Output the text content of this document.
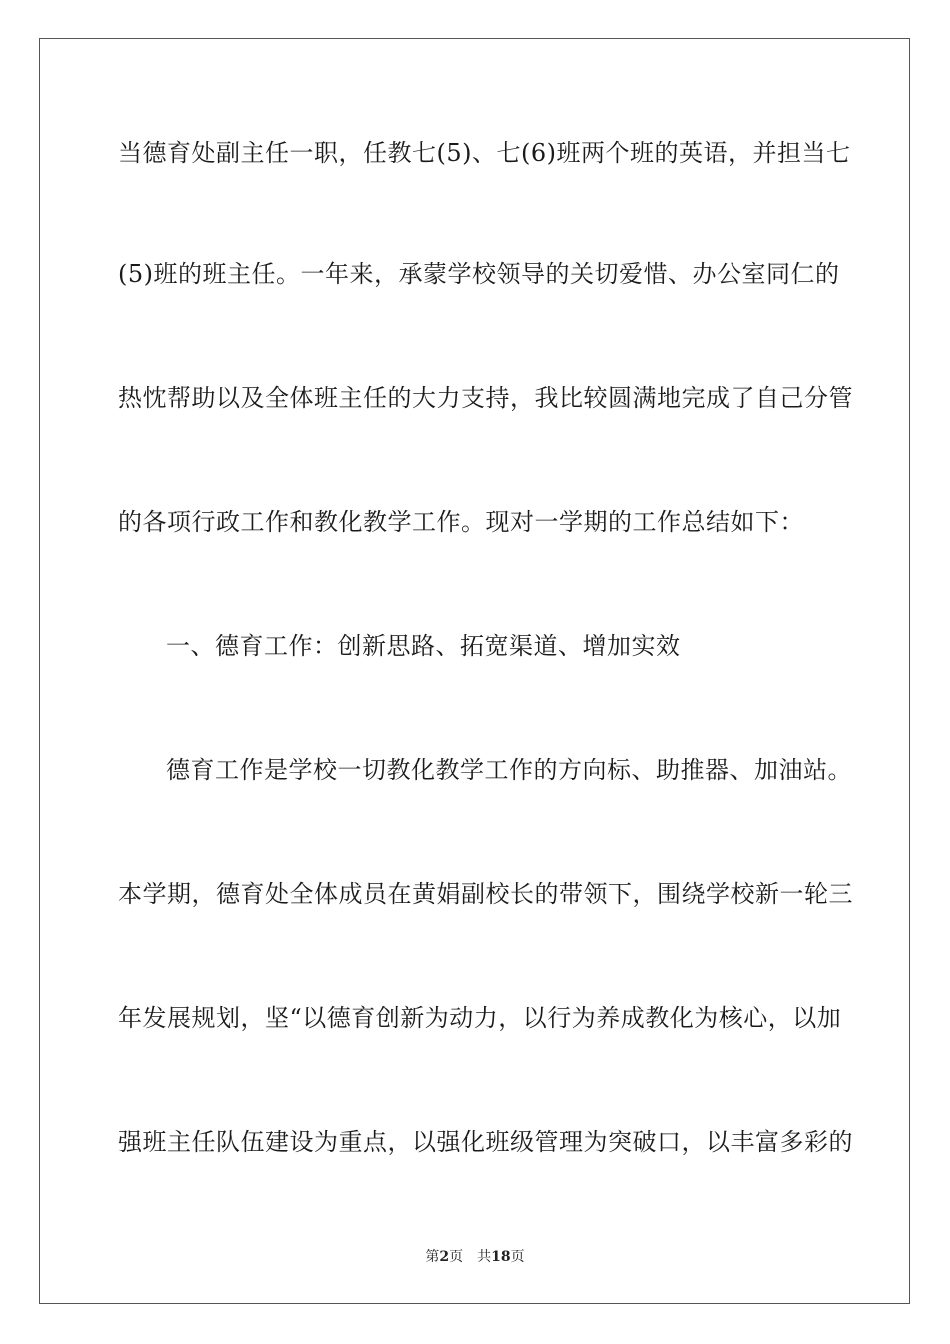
当德育处副主任一职，任教七(5)、七(6)班两个班的英语，并担当七
(5)班的班主任。一年来，承蒙学校领导的关切爱惜、办公室同仁的
热忱帮助以及全体班主任的大力支持，我比较圆满地完成了自己分管
的各项行政工作和教化教学工作。现对一学期的工作总结如下：
一、德育工作：创新思路、拓宽渠道、增加实效
德育工作是学校一切教化教学工作的方向标、助推器、加油站。
本学期，德育处全体成员在黄娟副校长的带领下，围绕学校新一轮三
年发展规划，坚“以德育创新为动力，以行为养成教化为核心，以加
强班主任队伍建设为重点，以强化班级管理为突破口，以丰富多彩的
第2页 共18页
